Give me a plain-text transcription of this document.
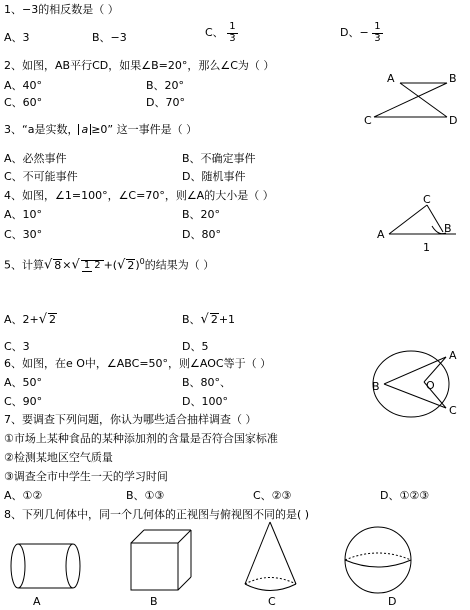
1、−3的相反数是（ ）
A、3	B、−3	C、 $\frac{1}{3}$	D、− $\frac{1}{3}$
2、如图，AB平行CD，如果∠B=20°，那么∠C为（ ）
A、40°	B、20°
C、60°	D、70°
A	B
C	D
3、“a是实数， a ≥0” 这一事件是（ ）
A、必然事件	B、不确定事件
C、不可能事件	D、随机事件
4、如图，∠1=100°，∠C=70°，则∠A的大小是（ ）
A、10°	B、20°
C、30°	D、80°	A
C
B
1
5、计算√ 8×√ 1 2 +(√ 2)$^0$的结果为（ ）
A、2+√ 2	B、√ 2+1
C、3	D、5
6、如图，在e O中，∠ABC=50°，则∠AOC等于（ ）
A、50°	B、80°、
C、90°	D、100°
A
B
C
O
7、要调查下列问题，你认为哪些适合抽样调查（ ）
①市场上某种食品的某种添加剂的含量是否符合国家标准
②检测某地区空气质量
③调查全市中学生一天的学习时间
A、①②	B、①③	C、②③	D、①②③
8、下列几何体中，同一个几何体的正视图与俯视图不同的是( )
A	B	C	D
